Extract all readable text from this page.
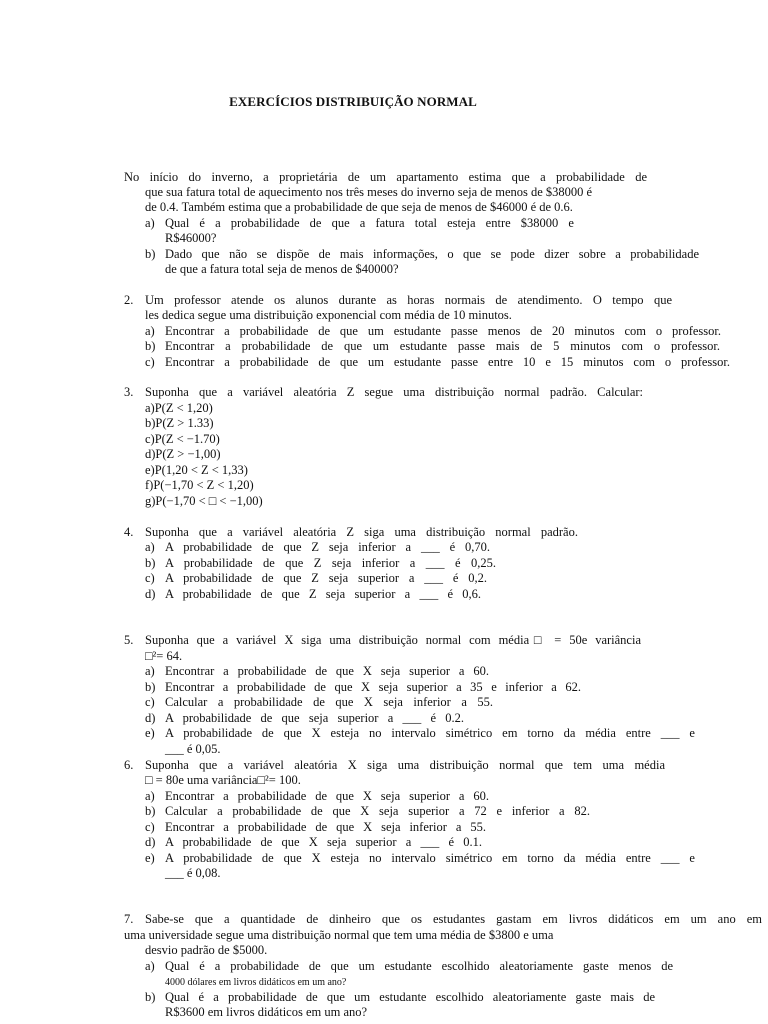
EXERCÍCIOS DISTRIBUIÇÃO NORMAL
No início do inverno, a proprietária de um apartamento estima que a probabilidade de
que sua fatura total de aquecimento nos três meses do inverno seja de menos de $38000 é
de 0.4. Também estima que a probabilidade de que seja de menos de $46000 é de 0.6.
a) Qual é a probabilidade de que a fatura total esteja entre $38000 e
R$46000?
b) Dado que não se dispõe de mais informações, o que se pode dizer sobre a probabilidade
de que a fatura total seja de menos de $40000?
2. Um professor atende os alunos durante as horas normais de atendimento. O tempo que
les dedica segue uma distribuição exponencial com média de 10 minutos.
a) Encontrar a probabilidade de que um estudante passe menos de 20 minutos com o professor.
b) Encontrar a probabilidade de que um estudante passe mais de 5 minutos com o professor.
c) Encontrar a probabilidade de que um estudante passe entre 10 e 15 minutos com o professor.
3. Suponha que a variável aleatória Z segue uma distribuição normal padrão. Calcular:
a)P(Z < 1,20)
b)P(Z > 1.33)
c)P(Z < −1.70)
d)P(Z > −1,00)
e)P(1,20 < Z < 1,33)
f)P(−1,70 < Z < 1,20)
g)P(−1,70 < □ < −1,00)
4. Suponha que a variável aleatória Z siga uma distribuição normal padrão.
a) A probabilidade de que Z seja inferior a ___ é 0,70.
b) A probabilidade de que Z seja inferior a ___ é 0,25.
c) A probabilidade de que Z seja superior a ___ é 0,2.
d) A probabilidade de que Z seja superior a ___ é 0,6.
5. Suponha que a variável X siga uma distribuição normal com média□ = 50e variância
□²= 64.
a) Encontrar a probabilidade de que X seja superior a 60.
b) Encontrar a probabilidade de que X seja superior a 35 e inferior a 62.
c) Calcular a probabilidade de que X seja inferior a 55.
d) A probabilidade de que seja superior a ___ é 0.2.
e) A probabilidade de que X esteja no intervalo simétrico em torno da média entre ___ e
___ é 0,05.
6. Suponha que a variável aleatória X siga uma distribuição normal que tem uma média
□ = 80e uma variância□²= 100.
a) Encontrar a probabilidade de que X seja superior a 60.
b) Calcular a probabilidade de que X seja superior a 72 e inferior a 82.
c) Encontrar a probabilidade de que X seja inferior a 55.
d) A probabilidade de que X seja superior a ___ é 0.1.
e) A probabilidade de que X esteja no intervalo simétrico em torno da média entre ___ e
___ é 0,08.
7. Sabe-se que a quantidade de dinheiro que os estudantes gastam em livros didáticos em um ano em
uma universidade segue uma distribuição normal que tem uma média de $3800 e uma
desvio padrão de $5000.
a) Qual é a probabilidade de que um estudante escolhido aleatoriamente gaste menos de
4000 dólares em livros didáticos em um ano?
b) Qual é a probabilidade de que um estudante escolhido aleatoriamente gaste mais de
R$3600 em livros didáticos em um ano?
